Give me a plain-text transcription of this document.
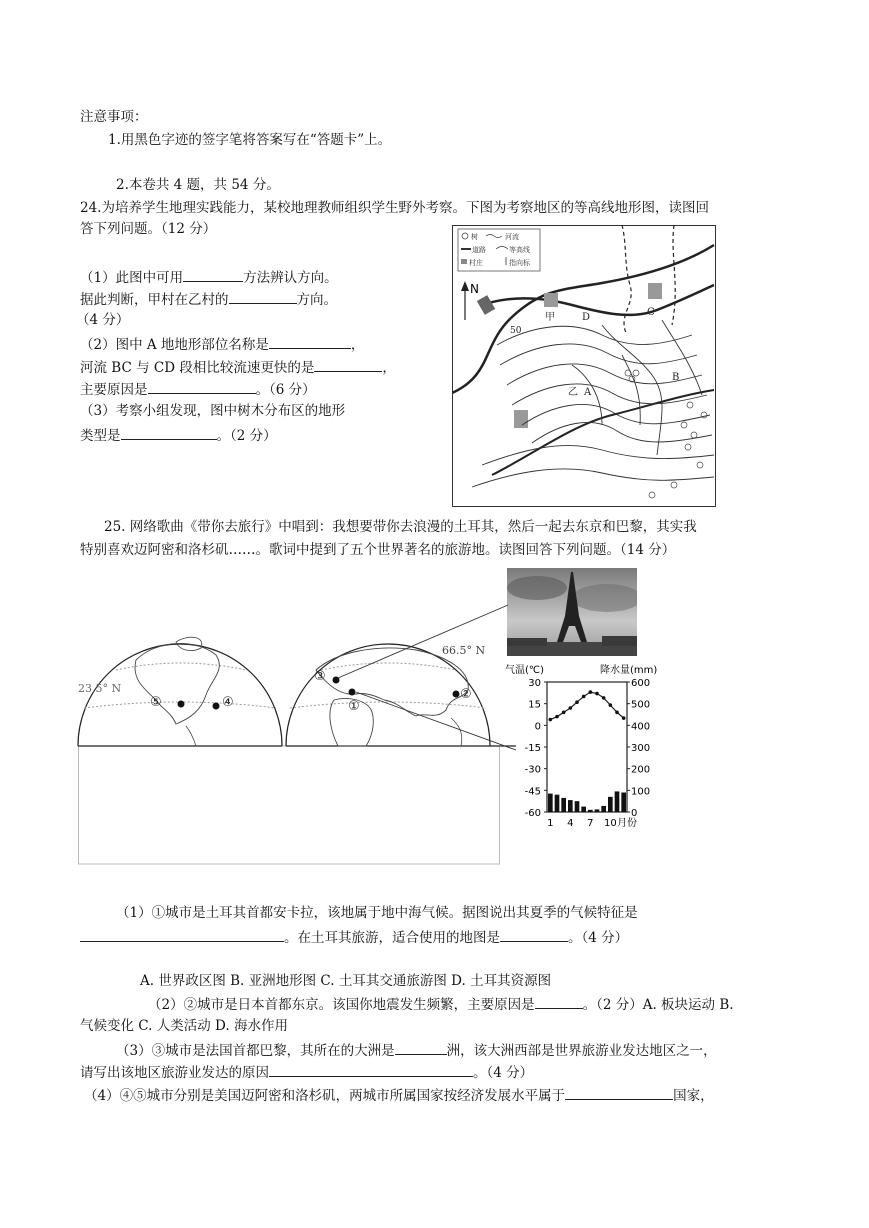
注意事项：
1.用黑色字迹的签字笔将答案写在“答题卡”上。
2.本卷共 4 题，共 54 分。
24.为培养学生地理实践能力，某校地理教师组织学生野外考察。下图为考察地区的等高线地形图，读图回
答下列问题。（12 分）
（1）此图中可用	方法辨认方向。
据此判断，甲村在乙村的	方向。
（4 分）
（2）图中 A 地地形部位名称是	，
河流 BC 与 CD 段相比较流速更快的是	，
主要原因是	。（6 分）
（3）考察小组发现，图中树木分布区的地形
类型是	。（2 分）
树	河流
道路	等高线
村庄	指向标
N
50
甲	D	C
B
A
乙
25. 网络歌曲《带你去旅行》中唱到：我想要带你去浪漫的土耳其，然后一起去东京和巴黎，其实我
特别喜欢迈阿密和洛杉矶……。歌词中提到了五个世界著名的旅游地。读图回答下列问题。（14 分）
66.5° N
23.5° N
⑤	④
③
①
②
气温(℃)	降水量(mm)
30
15
0
-15
-30
-45
-60
600
500
400
300
200
100
0
1 4 7 10 月份
（1）①城市是土耳其首都安卡拉，该地属于地中海气候。据图说出其夏季的气候特征是
。在土耳其旅游，适合使用的地图是	。（4 分）
A. 世界政区图 B. 亚洲地形图 C. 土耳其交通旅游图 D. 土耳其资源图
（2）②城市是日本首都东京。该国你地震发生频繁，主要原因是	。（2 分）A. 板块运动 B.
气候变化 C. 人类活动 D. 海水作用
（3）③城市是法国首都巴黎，其所在的大洲是	洲，该大洲西部是世界旅游业发达地区之一，
请写出该地区旅游业发达的原因	。（4 分）
（4）④⑤城市分别是美国迈阿密和洛杉矶，两城市所属国家按经济发展水平属于	国家，
